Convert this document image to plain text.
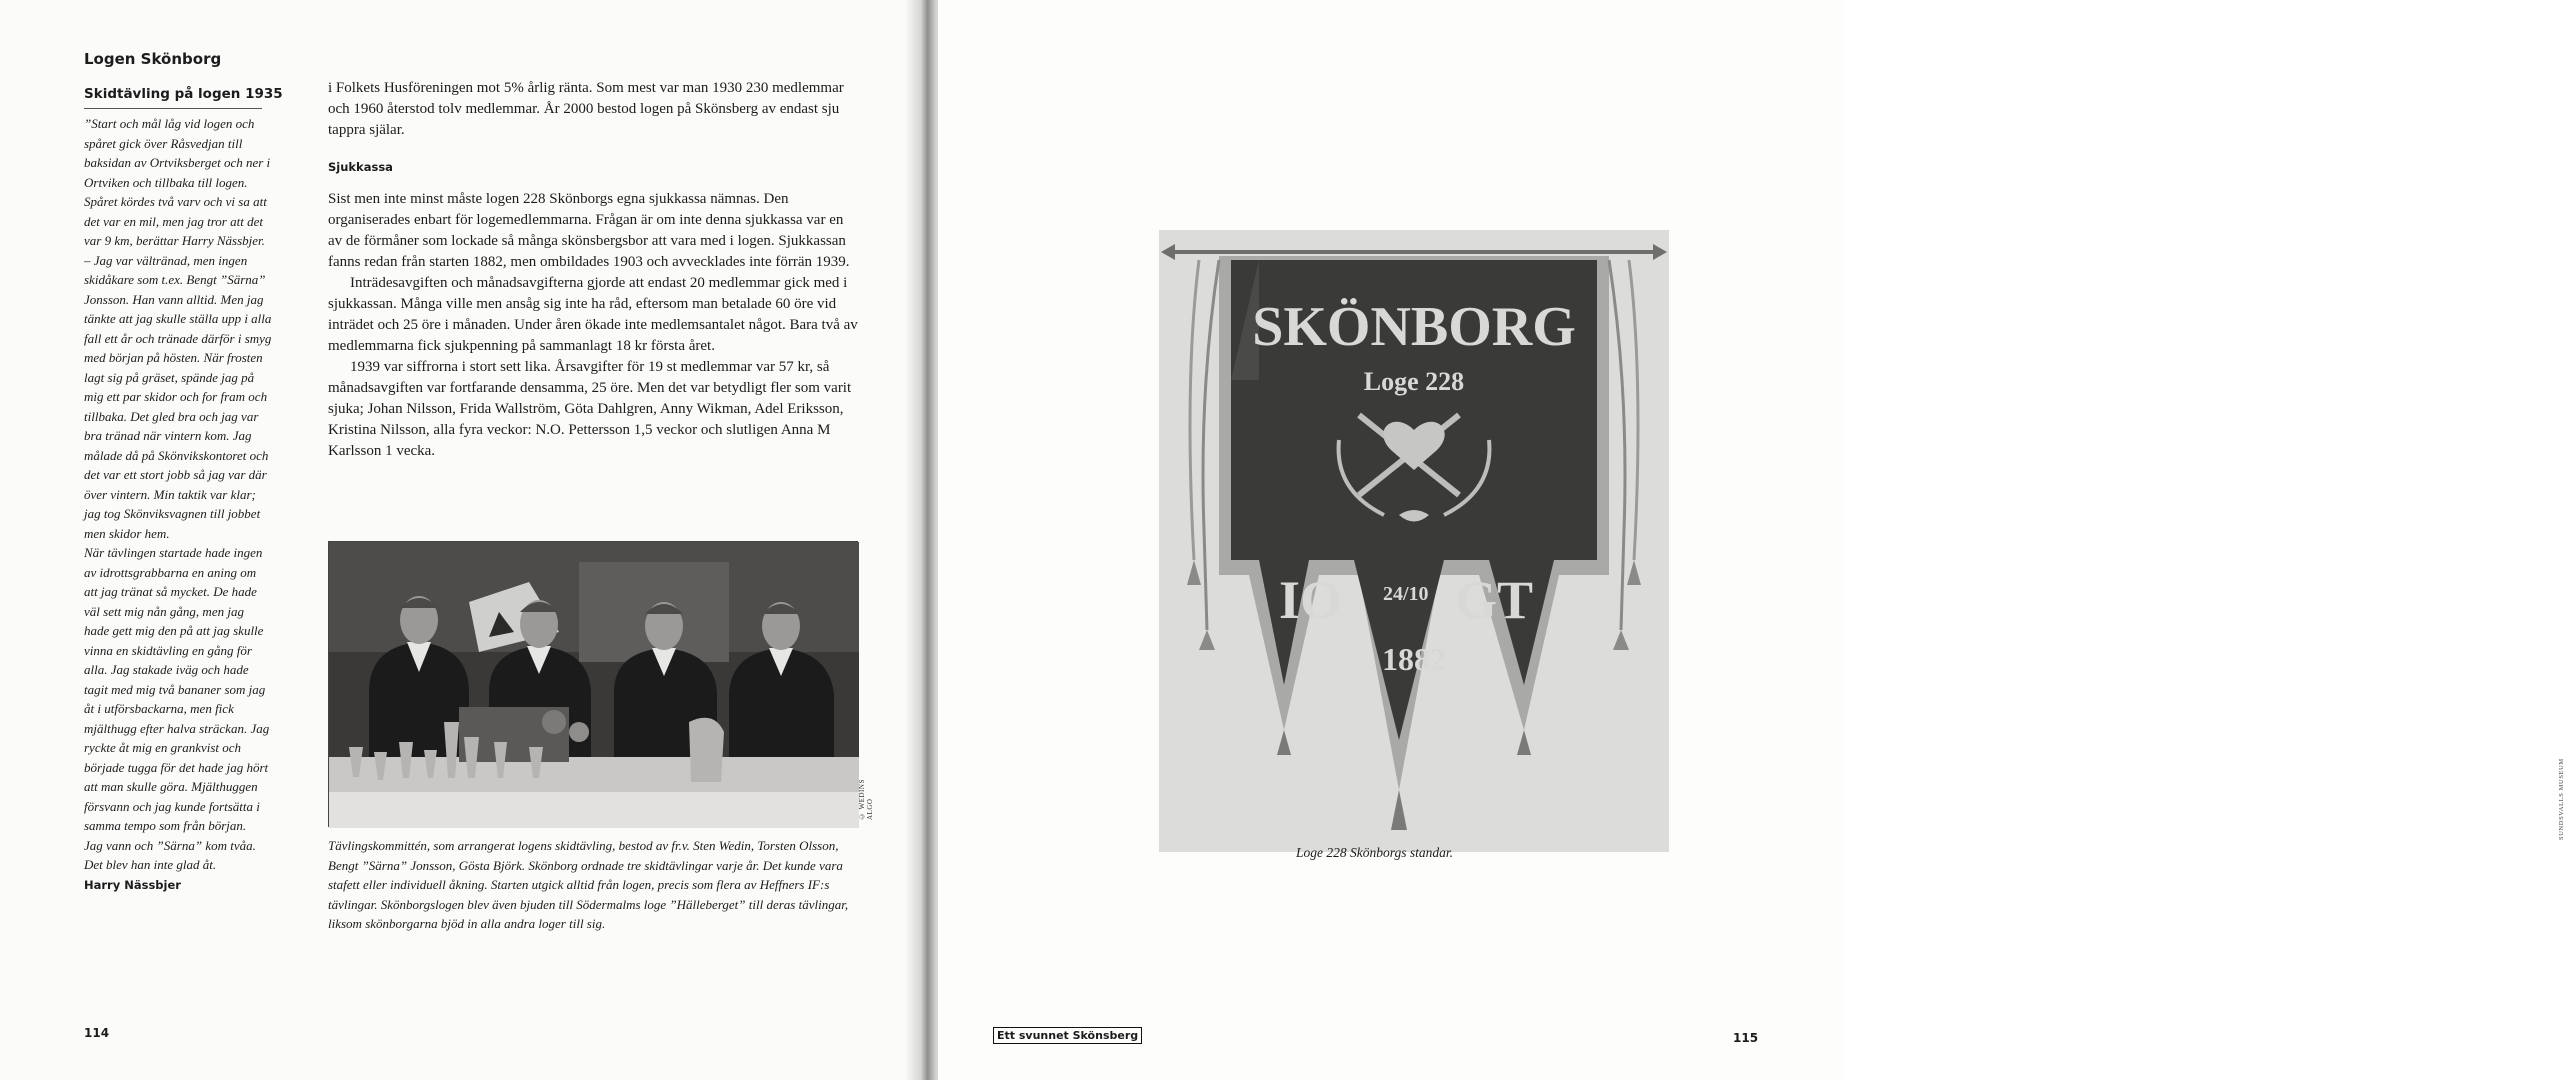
Logen Skönborg
Skidtävling på logen 1935

”Start och mål låg vid logen och spåret gick över Råsvedjan till baksidan av Ortviksberget och ner i Ortviken och tillbaka till logen. Spåret kördes två varv och vi sa att det var en mil, men jag tror att det var 9 km, berättar Harry Nässbjer.

– Jag var vältränad, men ingen skidåkare som t.ex. Bengt ”Särna” Jonsson. Han vann alltid. Men jag tänkte att jag skulle ställa upp i alla fall ett år och tränade därför i smyg med början på hösten. När frosten lagt sig på gräset, spände jag på mig ett par skidor och for fram och tillbaka. Det gled bra och jag var bra tränad när vintern kom. Jag målade då på Skönvikskontoret och det var ett stort jobb så jag var där över vintern. Min taktik var klar; jag tog Skönviksvagnen till jobbet men skidor hem.

När tävlingen startade hade ingen av idrottsgrabbarna en aning om att jag tränat så mycket. De hade väl sett mig nån gång, men jag hade gett mig den på att jag skulle vinna en skidtävling en gång för alla. Jag stakade iväg och hade tagit med mig två bananer som jag åt i utförsbackarna, men fick mjälthugg efter halva sträckan. Jag ryckte åt mig en grankvist och började tugga för det hade jag hört att man skulle göra. Mjälthuggen försvann och jag kunde fortsätta i samma tempo som från början.

Jag vann och ”Särna” kom tvåa. Det blev han inte glad åt.

Harry Nässbjer

i Folkets Husföreningen mot 5% årlig ränta. Som mest var man 1930 230 medlemmar och 1960 återstod tolv medlemmar. År 2000 bestod logen på Skönsberg av endast sju tappra själar.
Sjukkassa

Sist men inte minst måste logen 228 Skönborgs egna sjukkassa nämnas. Den organiserades enbart för logemedlemmarna. Frågan är om inte denna sjukkassa var en av de förmåner som lockade så många skönsbergsbor att vara med i logen. Sjukkassan fanns redan från starten 1882, men ombildades 1903 och avvecklades inte förrän 1939.

Inträdesavgiften och månadsavgifterna gjorde att endast 20 medlemmar gick med i sjukkassan. Många ville men ansåg sig inte ha råd, eftersom man betalade 60 öre vid inträdet och 25 öre i månaden. Under åren ökade inte medlemsantalet något. Bara två av medlemmarna fick sjukpenning på sammanlagt 18 kr första året.

1939 var siffrorna i stort sett lika. Årsavgifter för 19 st medlemmar var 57 kr, så månadsavgiften var fortfarande densamma, 25 öre. Men det var betydligt fler som varit sjuka; Johan Nilsson, Frida Wallström, Göta Dahlgren, Anny Wikman, Adel Eriksson, Kristina Nilsson, alla fyra veckor: N.O. Pettersson 1,5 veckor och slutligen Anna M Karlsson 1 vecka.

© WEDINS ALGO
Tävlingskommittén, som arrangerat logens skidtävling, bestod av fr.v. Sten Wedin, Torsten Olsson, Bengt ”Särna” Jonsson, Gösta Björk. Skönborg ordnade tre skidtävlingar varje år. Det kunde vara stafett eller individuell åkning. Starten utgick alltid från logen, precis som flera av Heffners IF:s tävlingar. Skönborgslogen blev även bjuden till Södermalms loge ”Hälleberget” till deras tävlingar, liksom skönborgarna bjöd in alla andra loger till sig.
114
SKÖNBORG
Loge 228
IO 24/10 GT
1882
SUNDSVALLS MUSEUM
Loge 228 Skönborgs standar.
Ett svunnet Skönsberg	115
